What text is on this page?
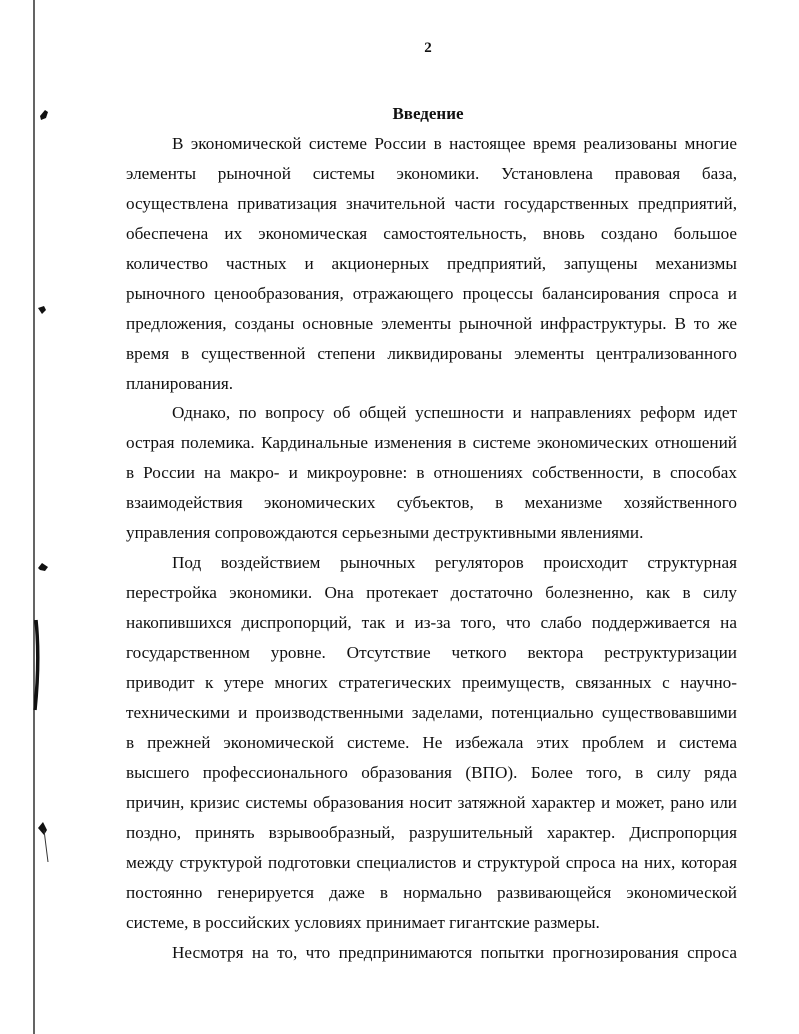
2
Введение
В экономической системе России в настоящее время реализованы многие
элементы рыночной системы экономики. Установлена правовая база,
осуществлена приватизация значительной части государственных предприятий,
обеспечена их экономическая самостоятельность, вновь создано большое
количество частных и акционерных предприятий, запущены механизмы
рыночного ценообразования, отражающего процессы балансирования спроса и
предложения, созданы основные элементы рыночной инфраструктуры. В то же
время в существенной степени ликвидированы элементы централизованного
планирования.
Однако, по вопросу об общей успешности и направлениях реформ идет
острая полемика. Кардинальные изменения в системе экономических отношений
в России на макро- и микроуровне: в отношениях собственности, в способах
взаимодействия экономических субъектов, в механизме хозяйственного
управления сопровождаются серьезными деструктивными явлениями.
Под воздействием рыночных регуляторов происходит структурная
перестройка экономики. Она протекает достаточно болезненно, как в силу
накопившихся диспропорций, так и из-за того, что слабо поддерживается на
государственном уровне. Отсутствие четкого вектора реструктуризации
приводит к утере многих стратегических преимуществ, связанных с научно-
техническими и производственными заделами, потенциально существовавшими
в прежней экономической системе. Не избежала этих проблем и система
высшего профессионального образования (ВПО). Более того, в силу ряда
причин, кризис системы образования носит затяжной характер и может, рано или
поздно, принять взрывообразный, разрушительный характер. Диспропорция
между структурой подготовки специалистов и структурой спроса на них, которая
постоянно генерируется даже в нормально развивающейся экономической
системе, в российских условиях принимает гигантские размеры.
Несмотря на то, что предпринимаются попытки прогнозирования спроса
